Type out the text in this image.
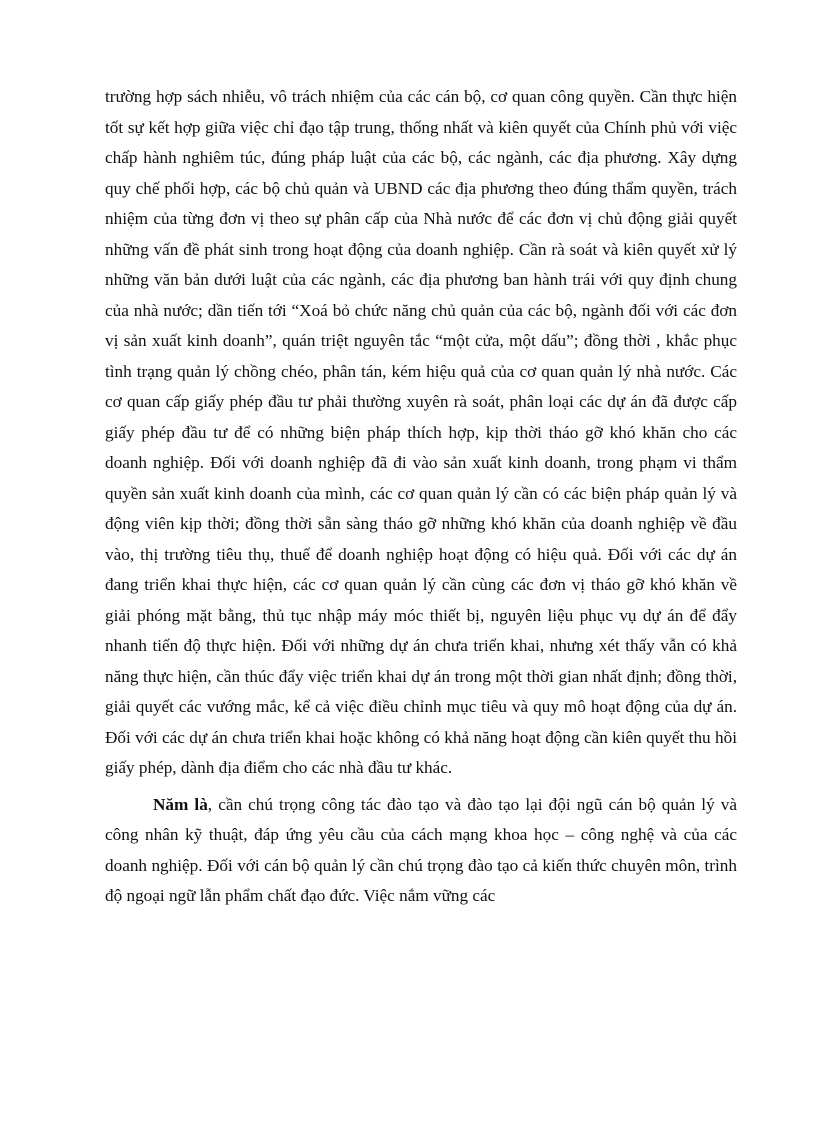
trường hợp sách nhiễu, vô trách nhiệm của các cán bộ, cơ quan công quyền. Cần thực hiện tốt sự kết hợp giữa việc chỉ đạo tập trung, thống nhất và kiên quyết của Chính phủ với việc chấp hành nghiêm túc, đúng pháp luật của các bộ, các ngành, các địa phương. Xây dựng quy chế phối hợp, các bộ chủ quản và UBND các địa phương theo đúng thẩm quyền, trách nhiệm của từng đơn vị theo sự phân cấp của Nhà nước để các đơn vị chủ động giải quyết những vấn đề phát sinh trong hoạt động của doanh nghiệp. Cần rà soát và kiên quyết xử lý những văn bản dưới luật của các ngành, các địa phương ban hành trái với quy định chung của nhà nước; dần tiến tới “Xoá bỏ chức năng chủ quản của các bộ, ngành đối với các đơn vị sản xuất kinh doanh”, quán triệt nguyên tắc “một cửa, một dấu”; đồng thời , khắc phục tình trạng quản lý chồng chéo, phân tán, kém hiệu quả của cơ quan quản lý nhà nước. Các cơ quan cấp giấy phép đầu tư phải thường xuyên rà soát, phân loại các dự án đã được cấp giấy phép đầu tư để có những biện pháp thích hợp, kịp thời tháo gỡ khó khăn cho các doanh nghiệp. Đối với doanh nghiệp đã đi vào sản xuất kinh doanh, trong phạm vi thẩm quyền sản xuất kinh doanh của mình, các cơ quan quản lý cần có các biện pháp quản lý và động viên kịp thời; đồng thời sẵn sàng tháo gỡ những khó khăn của doanh nghiệp về đầu vào, thị trường tiêu thụ, thuế để doanh nghiệp hoạt động có hiệu quả. Đối với các dự án đang triển khai thực hiện, các cơ quan quản lý cần cùng các đơn vị tháo gỡ khó khăn về giải phóng mặt bằng, thủ tục nhập máy móc thiết bị, nguyên liệu phục vụ dự án để đẩy nhanh tiến độ thực hiện. Đối với những dự án chưa triển khai, nhưng xét thấy vẫn có khả năng thực hiện, cần thúc đẩy việc triển khai dự án trong một thời gian nhất định; đồng thời, giải quyết các vướng mắc, kể cả việc điều chỉnh mục tiêu và quy mô hoạt động của dự án. Đối với các dự án chưa triển khai hoặc không có khả năng hoạt động cần kiên quyết thu hồi giấy phép, dành địa điểm cho các nhà đầu tư khác.

Năm là, cần chú trọng công tác đào tạo và đào tạo lại đội ngũ cán bộ quản lý và công nhân kỹ thuật, đáp ứng yêu cầu của cách mạng khoa học – công nghệ và của các doanh nghiệp. Đối với cán bộ quản lý cần chú trọng đào tạo cả kiến thức chuyên môn, trình độ ngoại ngữ lẫn phẩm chất đạo đức. Việc nắm vững các
